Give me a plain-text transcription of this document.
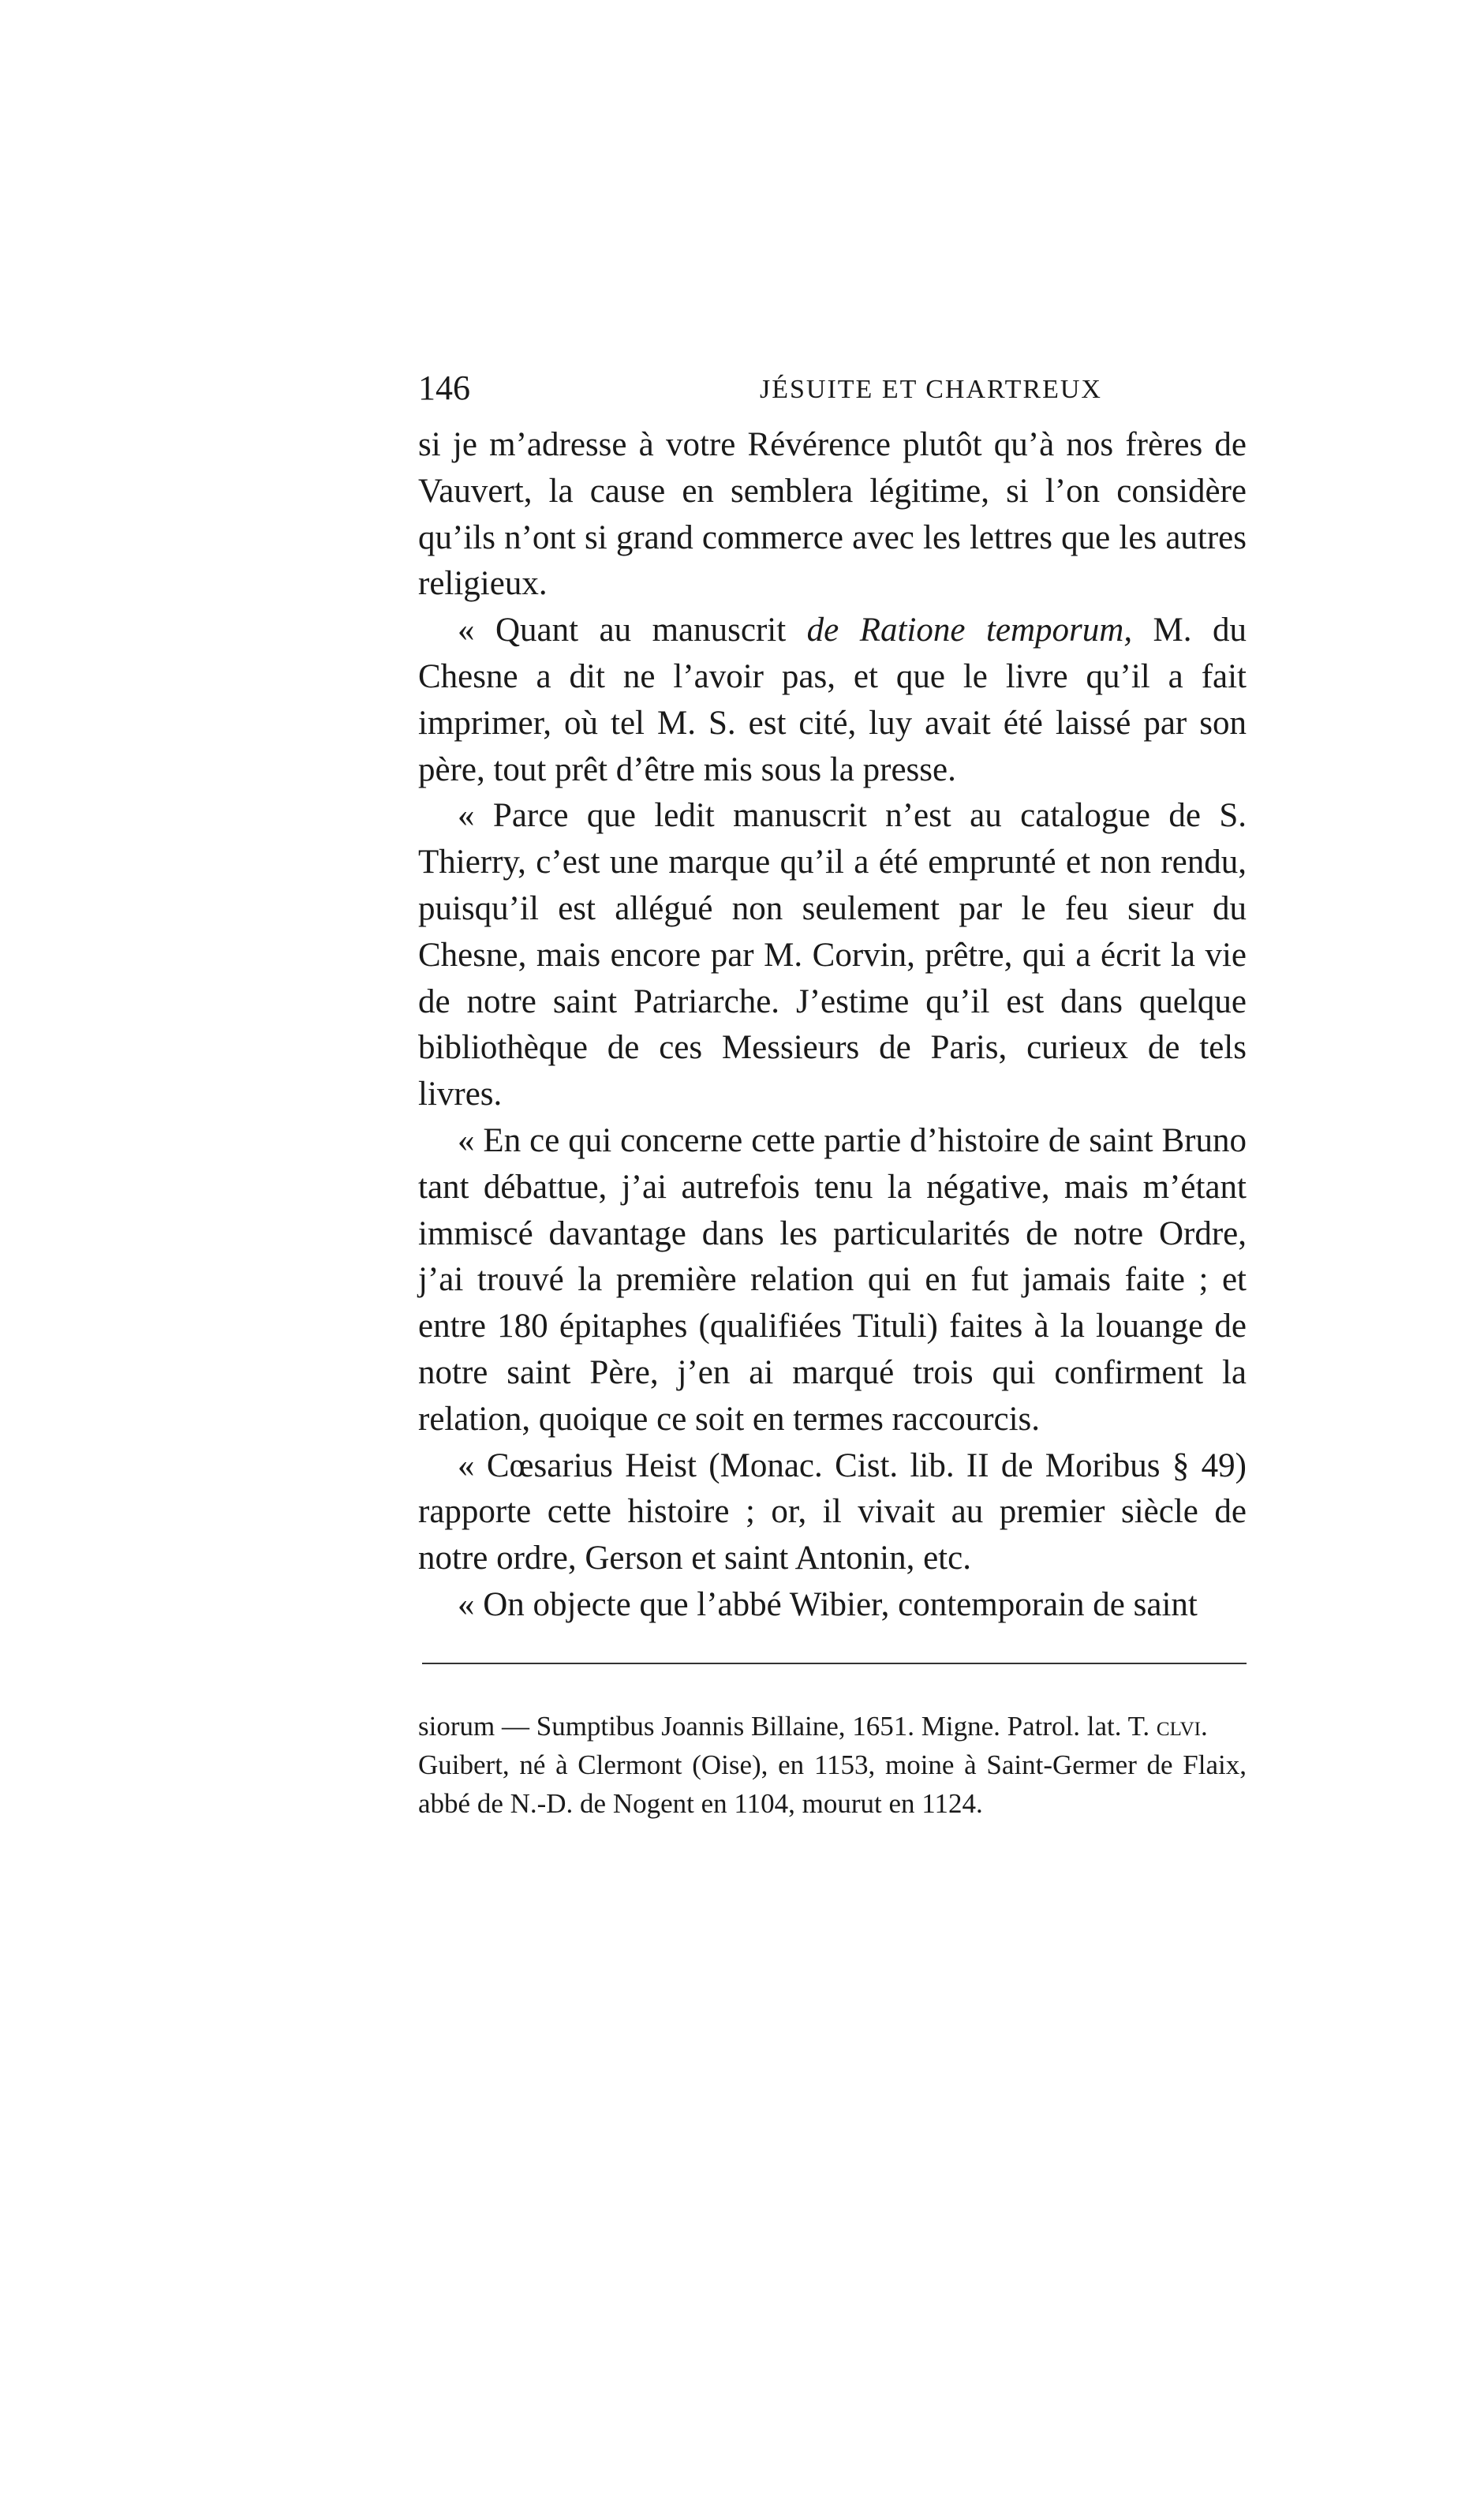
146	JÉSUITE ET CHARTREUX

si je m’adresse à votre Révérence plutôt qu’à nos frères de Vauvert, la cause en semblera légitime, si l’on considère qu’ils n’ont si grand commerce avec les lettres que les autres religieux.

« Quant au manuscrit de Ratione temporum, M. du Chesne a dit ne l’avoir pas, et que le livre qu’il a fait imprimer, où tel M. S. est cité, luy avait été laissé par son père, tout prêt d’être mis sous la presse.

« Parce que ledit manuscrit n’est au catalogue de S. Thierry, c’est une marque qu’il a été emprunté et non rendu, puisqu’il est allégué non seulement par le feu sieur du Chesne, mais encore par M. Corvin, prêtre, qui a écrit la vie de notre saint Patriarche. J’estime qu’il est dans quelque bibliothèque de ces Messieurs de Paris, curieux de tels livres.

« En ce qui concerne cette partie d’histoire de saint Bruno tant débattue, j’ai autrefois tenu la négative, mais m’étant immiscé davantage dans les particularités de notre Ordre, j’ai trouvé la première relation qui en fut jamais faite ; et entre 180 épitaphes (qualifiées Tituli) faites à la louange de notre saint Père, j’en ai marqué trois qui confirment la relation, quoique ce soit en termes raccourcis.

« Cœsarius Heist (Monac. Cist. lib. II de Moribus § 49) rapporte cette histoire ; or, il vivait au premier siècle de notre ordre, Gerson et saint Antonin, etc.

« On objecte que l’abbé Wibier, contemporain de saint

siorum — Sumptibus Joannis Billaine, 1651. Migne. Patrol. lat. T. clvi.

Guibert, né à Clermont (Oise), en 1153, moine à Saint-Germer de Flaix, abbé de N.-D. de Nogent en 1104, mourut en 1124.
